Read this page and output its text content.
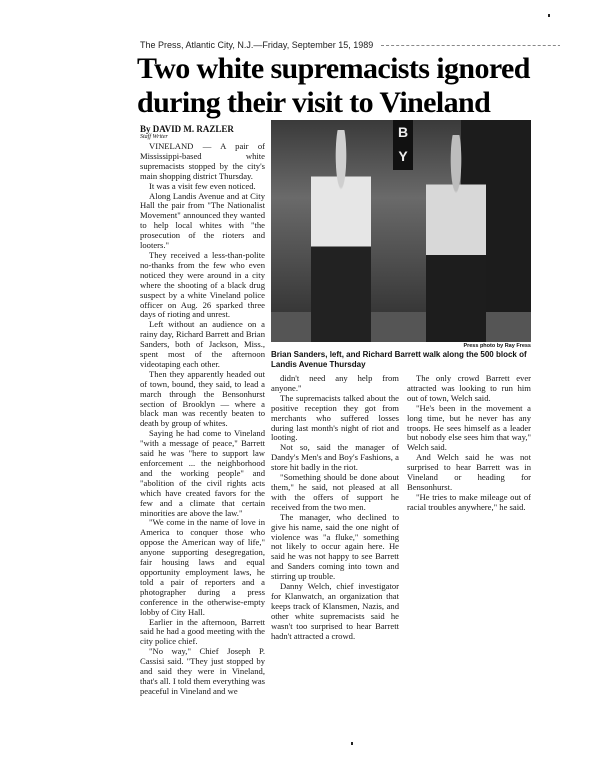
The Press, Atlantic City, N.J.—Friday, September 15, 1989
Two white supremacists ignored during their visit to Vineland
By DAVID M. RAZLER
Staff Writer	B
Y
Press photo by Ray Fress
Brian Sanders, left, and Richard Barrett walk along the 500 block of Landis Avenue Thursday

VINELAND — A pair of Mississippi-based white supremacists stopped by the city's main shopping district Thursday.

It was a visit few even noticed.

Along Landis Avenue and at City Hall the pair from "The Nationalist Movement" announced they wanted to help local whites with "the prosecution of the rioters and looters."

They received a less-than-polite no-thanks from the few who even noticed they were around in a city where the shooting of a black drug suspect by a white Vineland police officer on Aug. 26 sparked three days of rioting and unrest.

Left without an audience on a rainy day, Richard Barrett and Brian Sanders, both of Jackson, Miss., spent most of the afternoon videotaping each other.

Then they apparently headed out of town, bound, they said, to lead a march through the Bensonhurst section of Brooklyn — where a black man was recently beaten to death by group of whites.

Saying he had come to Vineland "with a message of peace," Barrett said he was "here to support law enforcement ... the neighborhood and the working people" and "abolition of the civil rights acts which have created favors for the few and a climate that certain minorities are above the law."

"We come in the name of love in America to conquer those who oppose the American way of life," anyone supporting desegregation, fair housing laws and equal opportunity employment laws, he told a pair of reporters and a photographer during a press conference in the otherwise-empty lobby of City Hall.

Earlier in the afternoon, Barrett said he had a good meeting with the city police chief.

"No way," Chief Joseph P. Cassisi said. "They just stopped by and said they were in Vineland, that's all. I told them everything was peaceful in Vineland and we

didn't need any help from anyone."

The supremacists talked about the positive reception they got from merchants who suffered losses during last month's night of riot and looting.

Not so, said the manager of Dandy's Men's and Boy's Fashions, a store hit badly in the riot.

"Something should be done about them," he said, not pleased at all with the offers of support he received from the two men.

The manager, who declined to give his name, said the one night of violence was "a fluke," something not likely to occur again here. He said he was not happy to see Barrett and Sanders coming into town and stirring up trouble.

Danny Welch, chief investigator for Klanwatch, an organization that keeps track of Klansmen, Nazis, and other white supremacists said he wasn't too surprised to hear Barrett hadn't attracted a crowd.

The only crowd Barrett ever attracted was looking to run him out of town, Welch said.

"He's been in the movement a long time, but he never has any troops. He sees himself as a leader but nobody else sees him that way," Welch said.

And Welch said he was not surprised to hear Barrett was in Vineland or heading for Bensonhurst.

"He tries to make mileage out of racial troubles anywhere," he said.
